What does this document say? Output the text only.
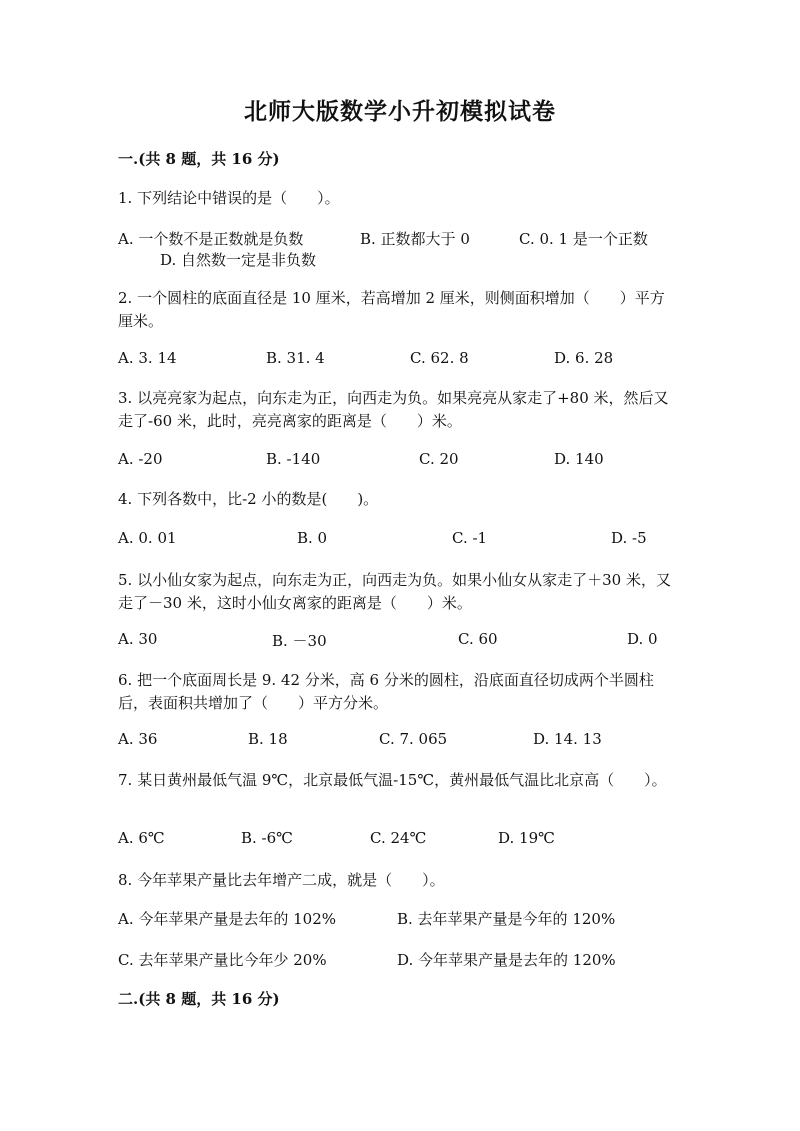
北师大版数学小升初模拟试卷
一.(共 8 题，共 16 分)
1. 下列结论中错误的是（　　）。
A. 一个数不是正数就是负数	B. 正数都大于 0	C. 0. 1 是一个正数
D. 自然数一定是非负数
2. 一个圆柱的底面直径是 10 厘米，若高增加 2 厘米，则侧面积增加（　　）平方厘米。
A. 3. 14	B. 31. 4	C. 62. 8	D. 6. 28
3. 以亮亮家为起点，向东走为正，向西走为负。如果亮亮从家走了+80 米，然后又走了-60 米，此时，亮亮离家的距离是（　　）米。
A. -20	B. -140	C. 20	D. 140
4. 下列各数中，比-2 小的数是(　　)。
A. 0. 01	B. 0	C. -1	D. -5
5. 以小仙女家为起点，向东走为正，向西走为负。如果小仙女从家走了＋30 米，又走了－30 米，这时小仙女离家的距离是（　　）米。
A. 30	B. －30	C. 60	D. 0
6. 把一个底面周长是 9. 42 分米，高 6 分米的圆柱，沿底面直径切成两个半圆柱后，表面积共增加了（　　）平方分米。
A. 36	B. 18	C. 7. 065	D. 14. 13
7. 某日黄州最低气温 9℃，北京最低气温-15℃，黄州最低气温比北京高（　　）。
A. 6℃	B. -6℃	C. 24℃	D. 19℃
8. 今年苹果产量比去年增产二成，就是（　　）。
A. 今年苹果产量是去年的 102%	B. 去年苹果产量是今年的 120%
C. 去年苹果产量比今年少 20%	D. 今年苹果产量是去年的 120%
二.(共 8 题，共 16 分)
